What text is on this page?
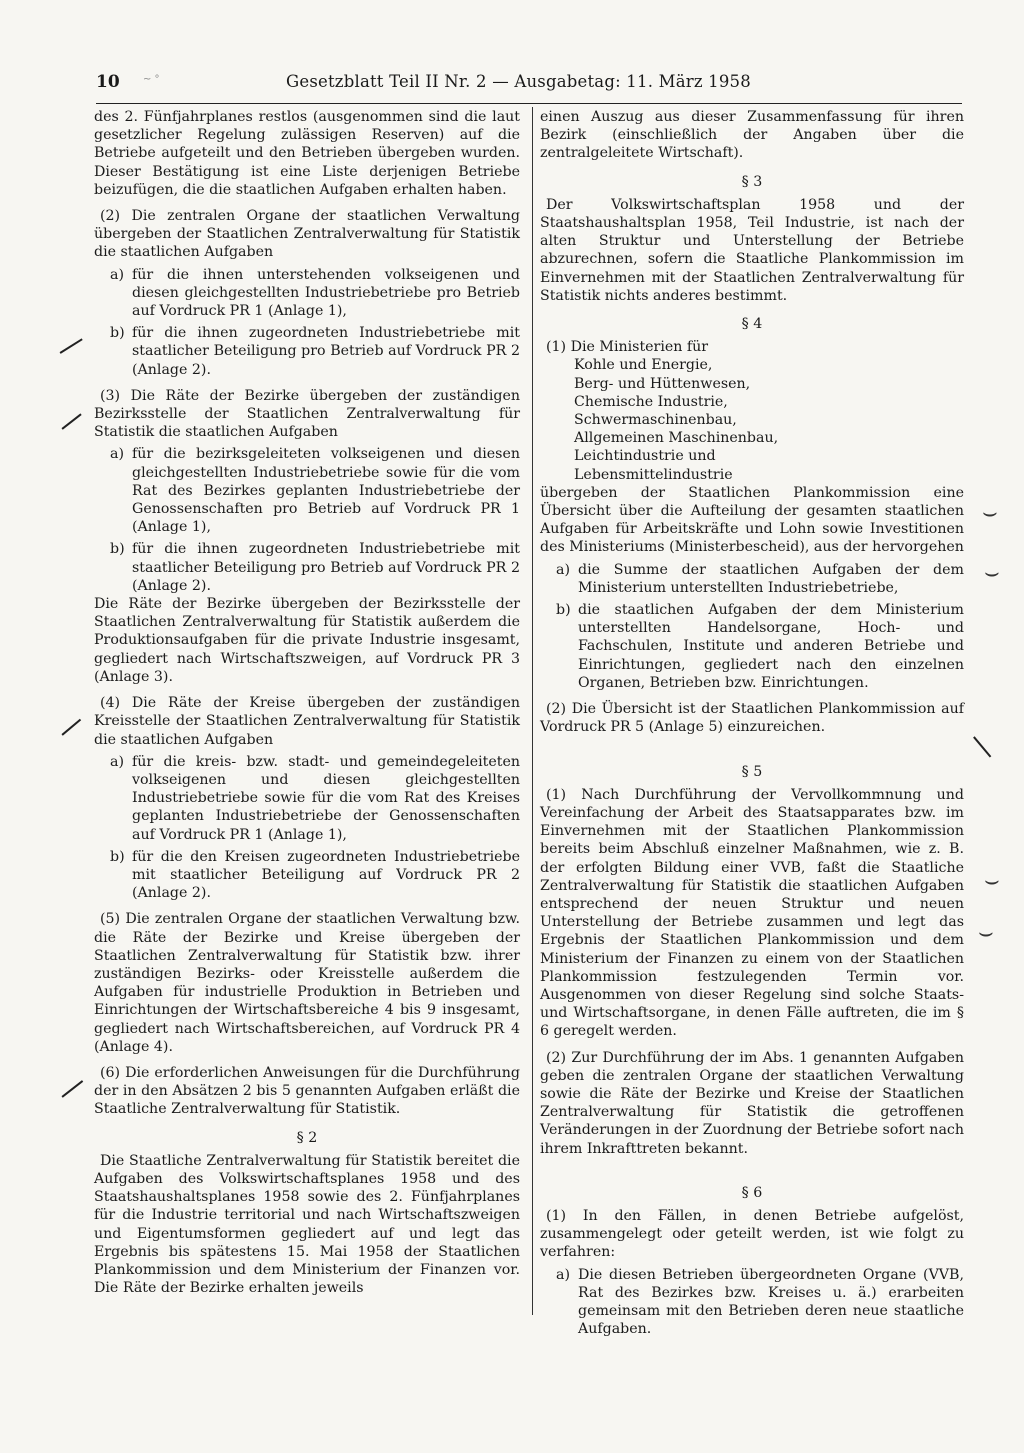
10	Gesetzblatt Teil II Nr. 2 — Ausgabetag: 11. März 1958
~ °

des 2. Fünfjahrplanes restlos (ausgenommen sind die laut gesetzlicher Regelung zulässigen Reserven) auf die Betriebe aufgeteilt und den Betrieben übergeben wurden. Dieser Bestätigung ist eine Liste derjenigen Betriebe beizufügen, die die staatlichen Aufgaben erhalten haben.

(2) Die zentralen Organe der staatlichen Verwaltung übergeben der Staatlichen Zentralverwaltung für Statistik die staatlichen Aufgaben

a) für die ihnen unterstehenden volkseigenen und diesen gleichgestellten Industriebetriebe pro Betrieb auf Vordruck PR 1 (Anlage 1),
b) für die ihnen zugeordneten Industriebetriebe mit staatlicher Beteiligung pro Betrieb auf Vordruck PR 2 (Anlage 2).

(3) Die Räte der Bezirke übergeben der zuständigen Bezirksstelle der Staatlichen Zentralverwaltung für Statistik die staatlichen Aufgaben

a) für die bezirksgeleiteten volkseigenen und diesen gleichgestellten Industriebetriebe sowie für die vom Rat des Bezirkes geplanten Industriebetriebe der Genossenschaften pro Betrieb auf Vordruck PR 1 (Anlage 1),
b) für die ihnen zugeordneten Industriebetriebe mit staatlicher Beteiligung pro Betrieb auf Vordruck PR 2 (Anlage 2).

Die Räte der Bezirke übergeben der Bezirksstelle der Staatlichen Zentralverwaltung für Statistik außerdem die Produktionsaufgaben für die private Industrie insgesamt, gegliedert nach Wirtschaftszweigen, auf Vordruck PR 3 (Anlage 3).

(4) Die Räte der Kreise übergeben der zuständigen Kreisstelle der Staatlichen Zentralverwaltung für Statistik die staatlichen Aufgaben

a) für die kreis- bzw. stadt- und gemeindegeleiteten volkseigenen und diesen gleichgestellten Industriebetriebe sowie für die vom Rat des Kreises geplanten Industriebetriebe der Genossenschaften auf Vordruck PR 1 (Anlage 1),
b) für die den Kreisen zugeordneten Industriebetriebe mit staatlicher Beteiligung auf Vordruck PR 2 (Anlage 2).

(5) Die zentralen Organe der staatlichen Verwaltung bzw. die Räte der Bezirke und Kreise übergeben der Staatlichen Zentralverwaltung für Statistik bzw. ihrer zuständigen Bezirks- oder Kreisstelle außerdem die Aufgaben für industrielle Produktion in Betrieben und Einrichtungen der Wirtschaftsbereiche 4 bis 9 insgesamt, gegliedert nach Wirtschaftsbereichen, auf Vordruck PR 4 (Anlage 4).

(6) Die erforderlichen Anweisungen für die Durchführung der in den Absätzen 2 bis 5 genannten Aufgaben erläßt die Staatliche Zentralverwaltung für Statistik.

§ 2

Die Staatliche Zentralverwaltung für Statistik bereitet die Aufgaben des Volkswirtschaftsplanes 1958 und des Staatshaushaltsplanes 1958 sowie des 2. Fünfjahrplanes für die Industrie territorial und nach Wirtschaftszweigen und Eigentumsformen gegliedert auf und legt das Ergebnis bis spätestens 15. Mai 1958 der Staatlichen Plankommission und dem Ministerium der Finanzen vor. Die Räte der Bezirke erhalten jeweils

einen Auszug aus dieser Zusammenfassung für ihren Bezirk (einschließlich der Angaben über die zentralgeleitete Wirtschaft).

§ 3

Der Volkswirtschaftsplan 1958 und der Staatshaushaltsplan 1958, Teil Industrie, ist nach der alten Struktur und Unterstellung der Betriebe abzurechnen, sofern die Staatliche Plankommission im Einvernehmen mit der Staatlichen Zentralverwaltung für Statistik nichts anderes bestimmt.

§ 4

(1) Die Ministerien für

Kohle und Energie,

Berg- und Hüttenwesen,

Chemische Industrie,

Schwermaschinenbau,

Allgemeinen Maschinenbau,

Leichtindustrie und

Lebensmittelindustrie

übergeben der Staatlichen Plankommission eine Übersicht über die Aufteilung der gesamten staatlichen Aufgaben für Arbeitskräfte und Lohn sowie Investitionen des Ministeriums (Ministerbescheid), aus der hervorgehen

a) die Summe der staatlichen Aufgaben der dem Ministerium unterstellten Industriebetriebe,
b) die staatlichen Aufgaben der dem Ministerium unterstellten Handelsorgane, Hoch- und Fachschulen, Institute und anderen Betriebe und Einrichtungen, gegliedert nach den einzelnen Organen, Betrieben bzw. Einrichtungen.

(2) Die Übersicht ist der Staatlichen Plankommission auf Vordruck PR 5 (Anlage 5) einzureichen.

§ 5

(1) Nach Durchführung der Vervollkommnung und Vereinfachung der Arbeit des Staatsapparates bzw. im Einvernehmen mit der Staatlichen Plankommission bereits beim Abschluß einzelner Maßnahmen, wie z. B. der erfolgten Bildung einer VVB, faßt die Staatliche Zentralverwaltung für Statistik die staatlichen Aufgaben entsprechend der neuen Struktur und neuen Unterstellung der Betriebe zusammen und legt das Ergebnis der Staatlichen Plankommission und dem Ministerium der Finanzen zu einem von der Staatlichen Plankommission festzulegenden Termin vor. Ausgenommen von dieser Regelung sind solche Staats- und Wirtschaftsorgane, in denen Fälle auftreten, die im § 6 geregelt werden.

(2) Zur Durchführung der im Abs. 1 genannten Aufgaben geben die zentralen Organe der staatlichen Verwaltung sowie die Räte der Bezirke und Kreise der Staatlichen Zentralverwaltung für Statistik die getroffenen Veränderungen in der Zuordnung der Betriebe sofort nach ihrem Inkrafttreten bekannt.

§ 6

(1) In den Fällen, in denen Betriebe aufgelöst, zusammengelegt oder geteilt werden, ist wie folgt zu verfahren:

a) Die diesen Betrieben übergeordneten Organe (VVB, Rat des Bezirkes bzw. Kreises u. ä.) erarbeiten gemeinsam mit den Betrieben deren neue staatliche Aufgaben.
⌣
⌣
⌣
⌣
